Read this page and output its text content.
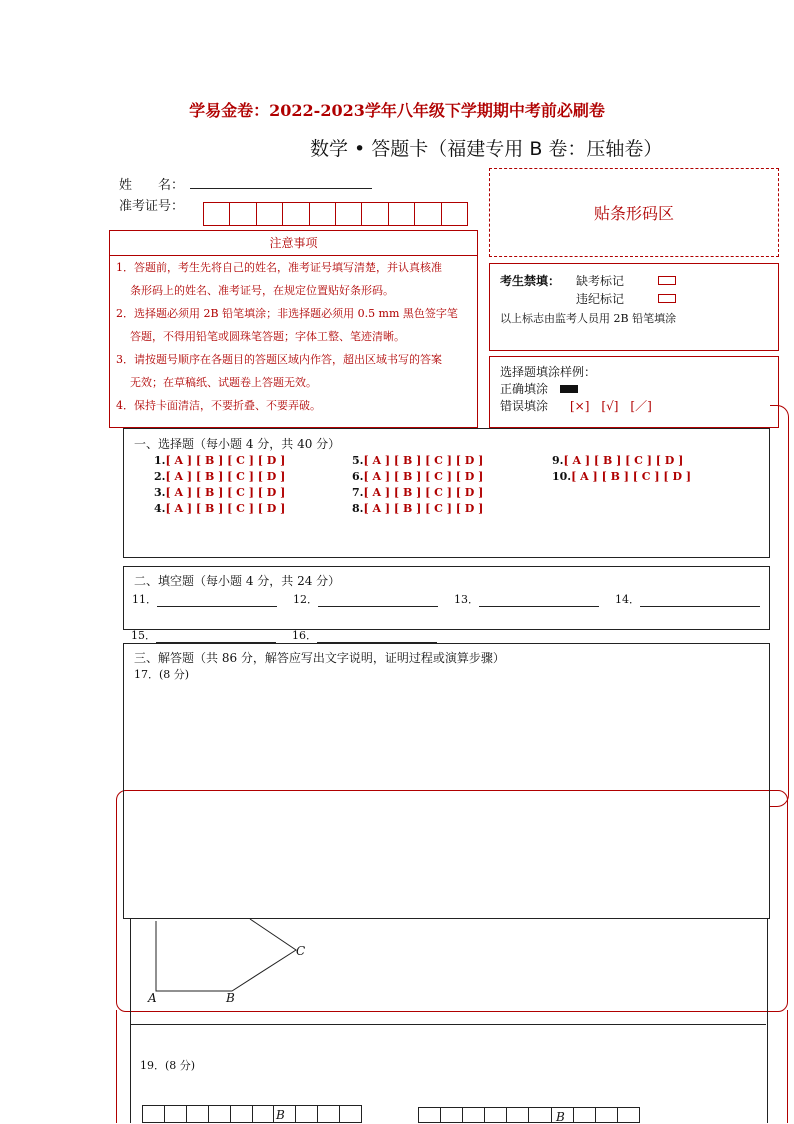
学易金卷：2022-2023学年八年级下学期期中考前必刷卷
数学 • 答题卡（福建专用 B 卷：压轴卷）
姓　　名：
准考证号：	贴条形码区
注意事项
1．答题前，考生先将自己的姓名，准考证号填写清楚，并认真核准
条形码上的姓名、准考证号，在规定位置贴好条形码。
2．选择题必须用 2B 铅笔填涂；非选择题必须用 0.5 mm 黑色签字笔
答题，不得用铅笔或圆珠笔答题；字体工整、笔迹清晰。
3．请按题号顺序在各题目的答题区域内作答，超出区域书写的答案
无效；在草稿纸、试题卷上答题无效。
4．保持卡面清洁，不要折叠、不要弄破。
考生禁填： 缺考标记
违纪标记
以上标志由监考人员用 2B 铅笔填涂
选择题填涂样例：
正确填涂
错误填涂 [×]　[√]　[／]
一、选择题（每小题 4 分，共 40 分）
1.[ A ] [ B ] [ C ] [ D ]
2.[ A ] [ B ] [ C ] [ D ]
3.[ A ] [ B ] [ C ] [ D ]
4.[ A ] [ B ] [ C ] [ D ]
5.[ A ] [ B ] [ C ] [ D ]
6.[ A ] [ B ] [ C ] [ D ]
7.[ A ] [ B ] [ C ] [ D ]
8.[ A ] [ B ] [ C ] [ D ]
9.[ A ] [ B ] [ C ] [ D ]
10.[ A ] [ B ] [ C ] [ D ]
二、填空题（每小题 4 分，共 24 分）
11．	12．	13．	14．
15．	16．
三、解答题（共 86 分，解答应写出文字说明，证明过程或演算步骤）
17．(8 分)
A	B
C
19．(8 分)
B	B
